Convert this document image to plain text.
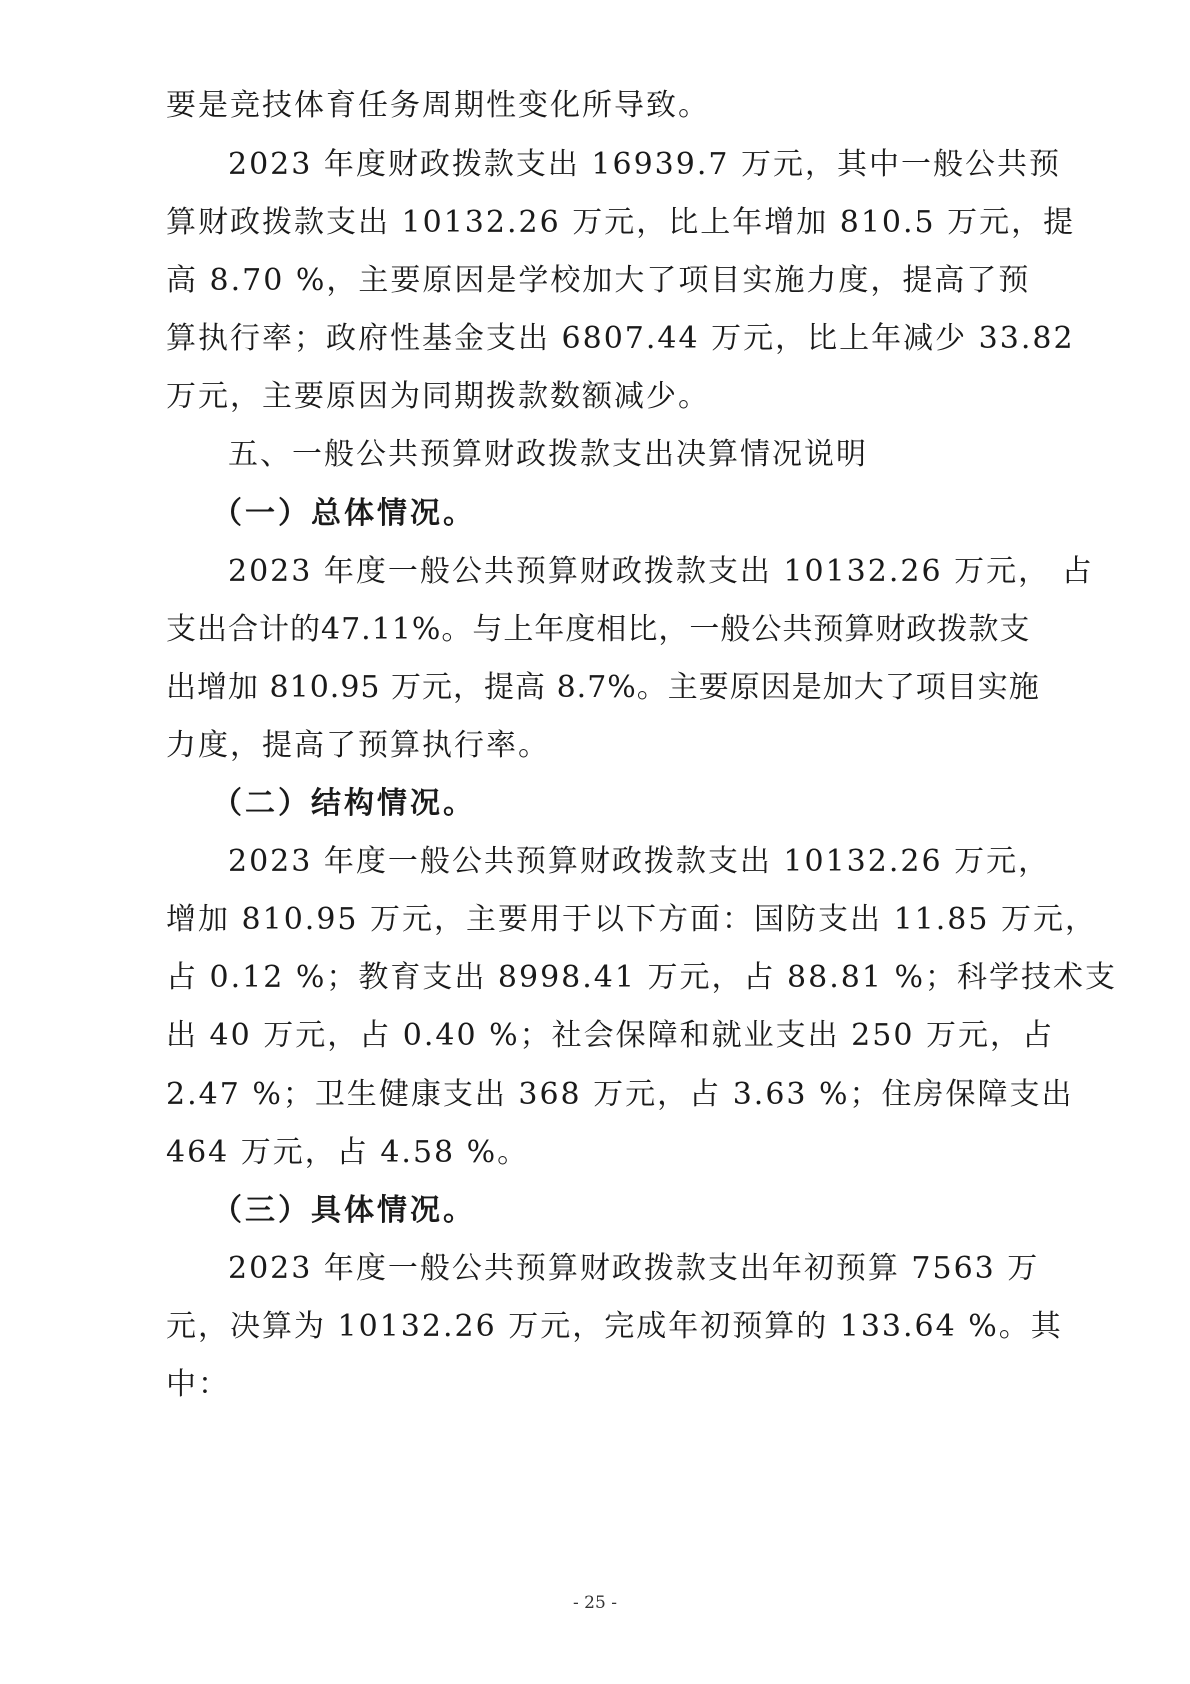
要是竞技体育任务周期性变化所导致。
2023 年度财政拨款支出 16939.7 万元，其中一般公共预
算财政拨款支出 10132.26 万元，比上年增加 810.5 万元，提
高 8.70 %，主要原因是学校加大了项目实施力度，提高了预
算执行率；政府性基金支出 6807.44 万元，比上年减少 33.82
万元，主要原因为同期拨款数额减少。
五、一般公共预算财政拨款支出决算情况说明
（一）总体情况。
2023 年度一般公共预算财政拨款支出 10132.26 万元， 占
支出合计的47.11%。与上年度相比，一般公共预算财政拨款支
出增加 810.95 万元，提高 8.7%。主要原因是加大了项目实施
力度，提高了预算执行率。
（二）结构情况。
2023 年度一般公共预算财政拨款支出 10132.26 万元，
增加 810.95 万元，主要用于以下方面：国防支出 11.85 万元，
占 0.12 %；教育支出 8998.41 万元，占 88.81 %；科学技术支
出 40 万元，占 0.40 %；社会保障和就业支出 250 万元，占
2.47 %；卫生健康支出 368 万元，占 3.63 %；住房保障支出
464 万元，占 4.58 %。
（三）具体情况。
2023 年度一般公共预算财政拨款支出年初预算 7563 万
元，决算为 10132.26 万元，完成年初预算的 133.64 %。其
中：
- 25 -
